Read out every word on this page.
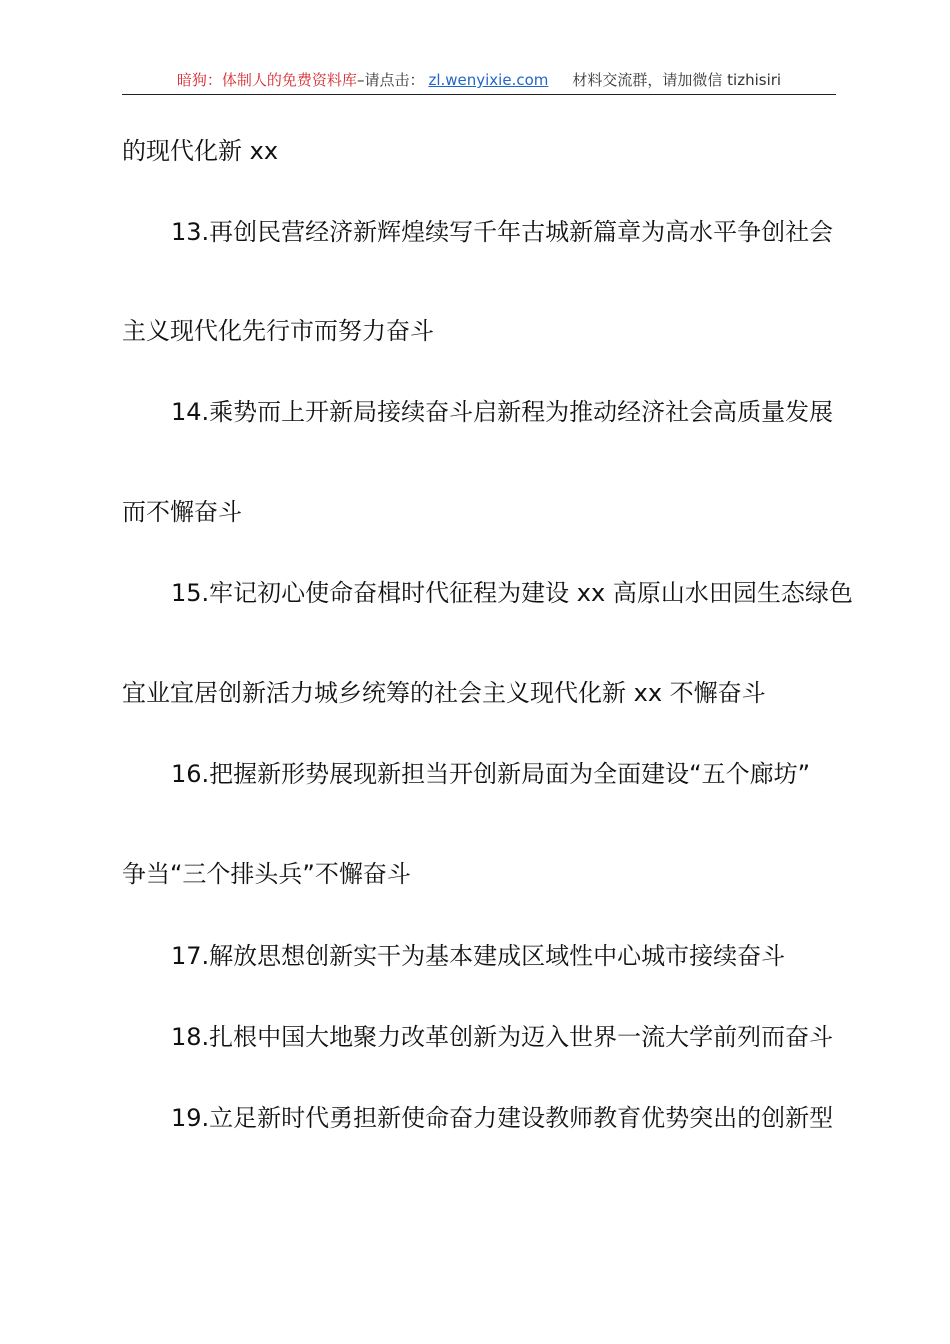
暗狗：体制人的免费资料库 –请点击： zl.wenyixie.com 材料交流群，请加微信 tizhisiri
的现代化新 xx
13.再创民营经济新辉煌续写千年古城新篇章为高水平争创社会
主义现代化先行市而努力奋斗
14.乘势而上开新局接续奋斗启新程为推动经济社会高质量发展
而不懈奋斗
15.牢记初心使命奋楫时代征程为建设 xx 高原山水田园生态绿色
宜业宜居创新活力城乡统筹的社会主义现代化新 xx 不懈奋斗
16.把握新形势展现新担当开创新局面为全面建设“五个廊坊”
争当“三个排头兵”不懈奋斗
17.解放思想创新实干为基本建成区域性中心城市接续奋斗
18.扎根中国大地聚力改革创新为迈入世界一流大学前列而奋斗
19.立足新时代勇担新使命奋力建设教师教育优势突出的创新型
